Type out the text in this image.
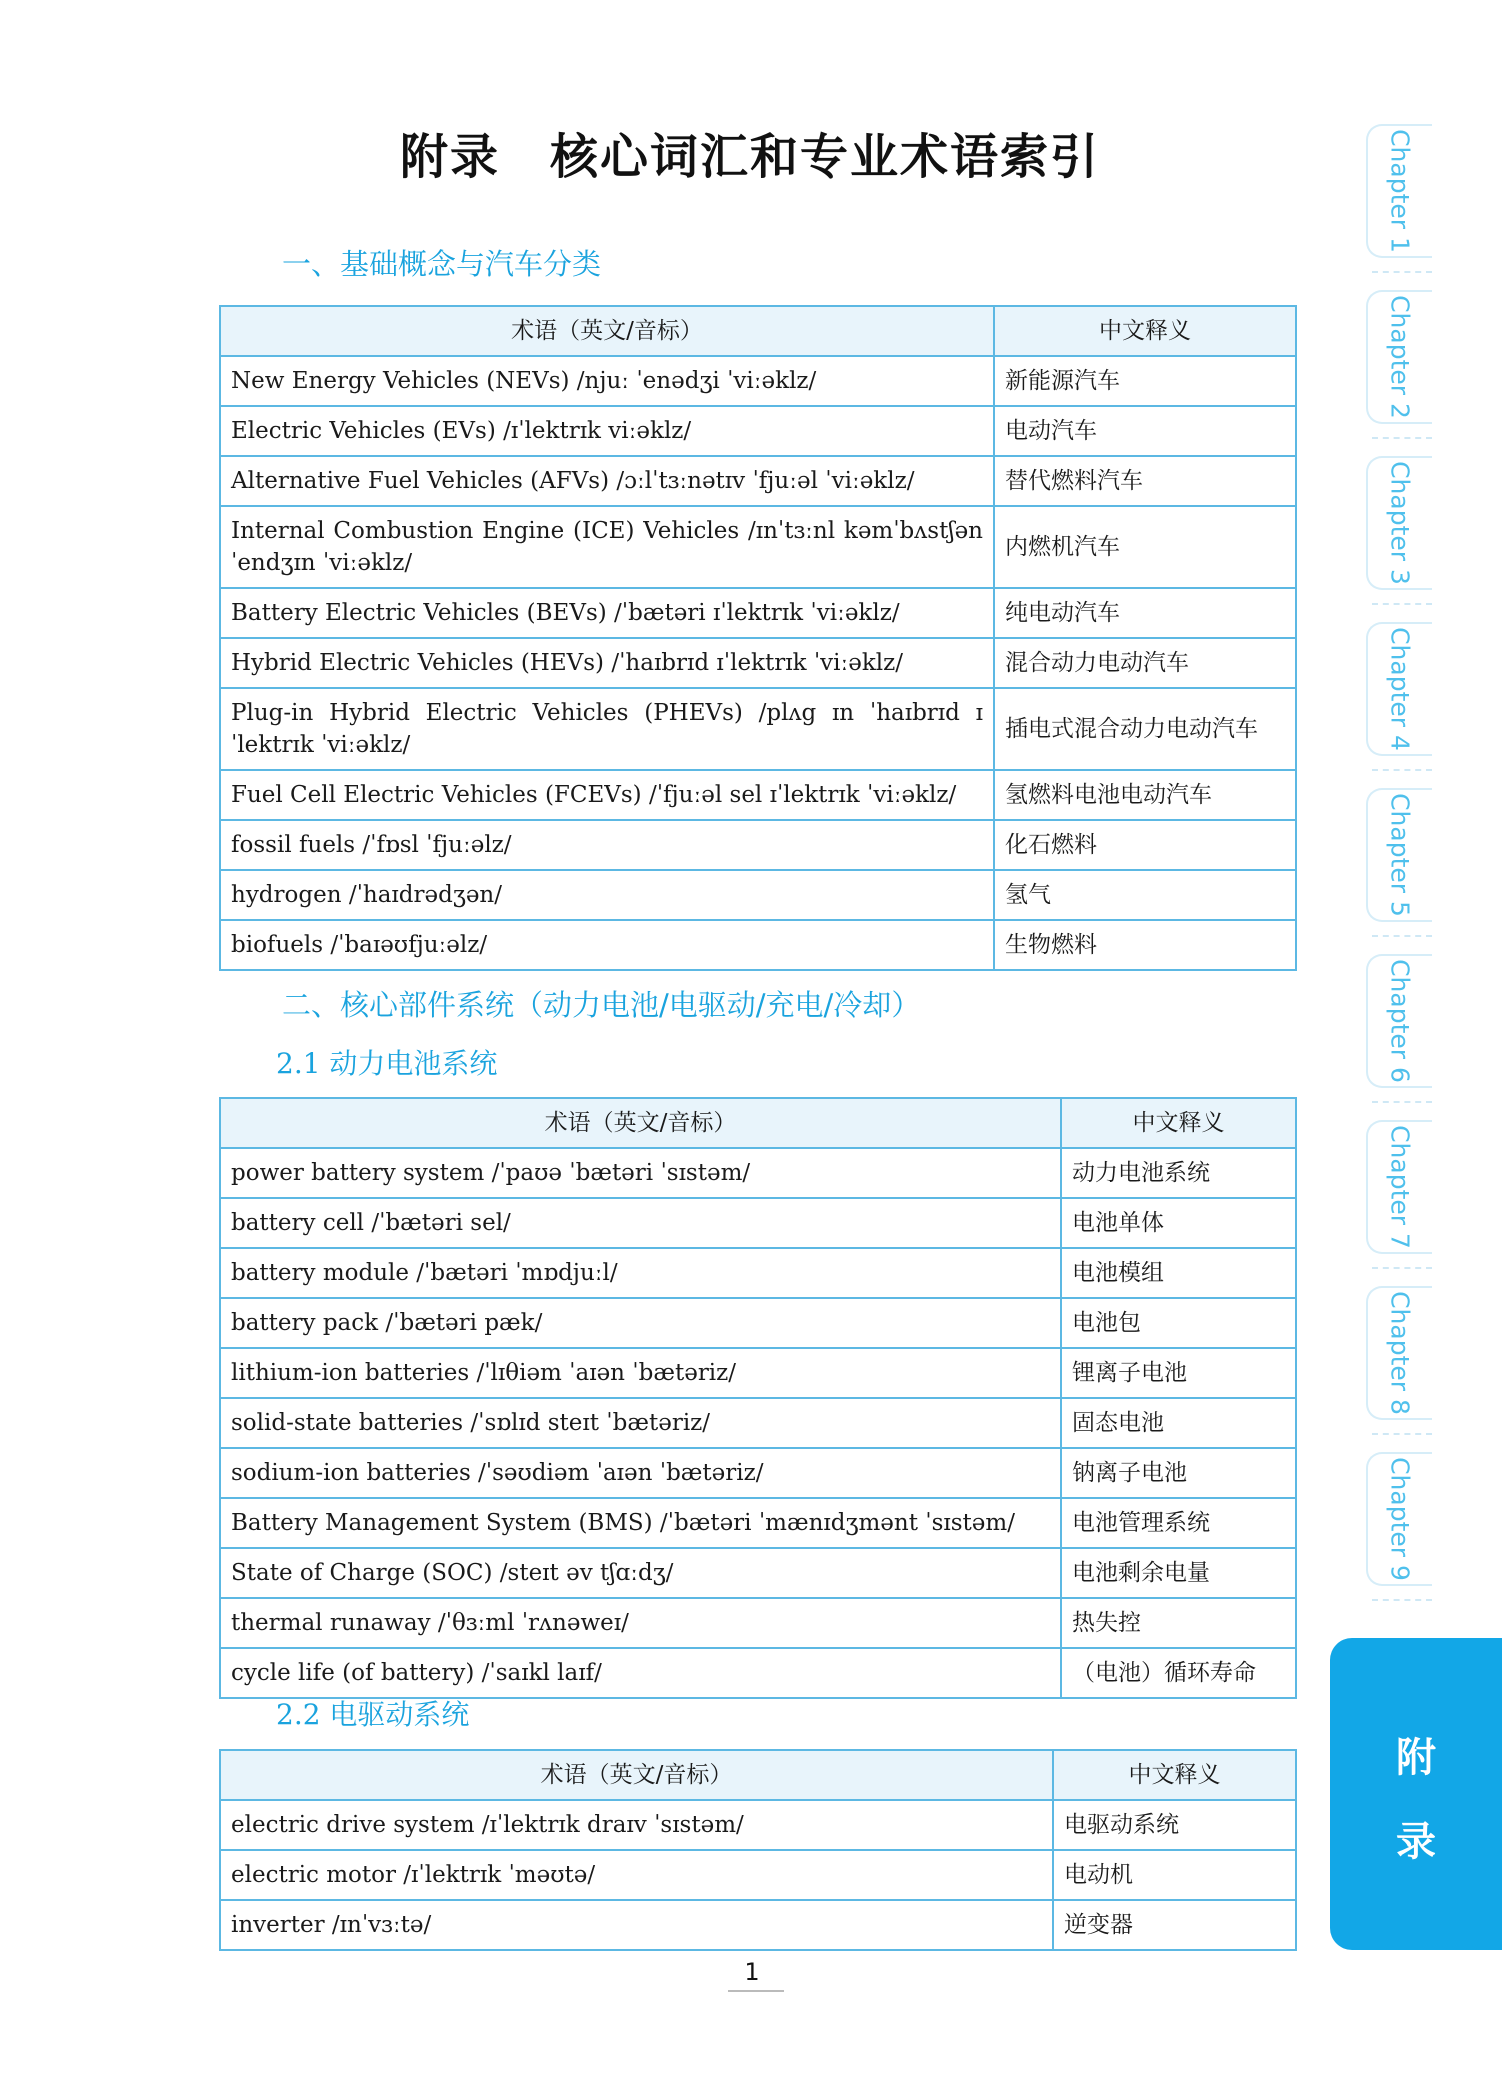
附录　核心词汇和专业术语索引
一、基础概念与汽车分类
术语（英文/音标）	中文释义
New Energy Vehicles (NEVs) /njuː ˈenədʒi ˈviːəklz/	新能源汽车
Electric Vehicles (EVs) /ɪˈlektrɪk viːəklz/	电动汽车
Alternative Fuel Vehicles (AFVs) /ɔːlˈtɜːnətɪv ˈfjuːəl ˈviːəklz/	替代燃料汽车
Internal Combustion Engine (ICE) Vehicles /ɪnˈtɜːnl kəmˈbʌstʃən ˈendʒɪn ˈviːəklz/	内燃机汽车
Battery Electric Vehicles (BEVs) /ˈbætəri ɪˈlektrɪk ˈviːəklz/	纯电动汽车
Hybrid Electric Vehicles (HEVs) /ˈhaɪbrɪd ɪˈlektrɪk ˈviːəklz/	混合动力电动汽车
Plug-in Hybrid Electric Vehicles (PHEVs) /plʌg ɪn ˈhaɪbrɪd ɪˈlektrɪk ˈviːəklz/	插电式混合动力电动汽车
Fuel Cell Electric Vehicles (FCEVs) /ˈfjuːəl sel ɪˈlektrɪk ˈviːəklz/	氢燃料电池电动汽车
fossil fuels /ˈfɒsl ˈfjuːəlz/	化石燃料
hydrogen /ˈhaɪdrədʒən/	氢气
biofuels /ˈbaɪəʊfjuːəlz/	生物燃料
二、核心部件系统（动力电池/电驱动/充电/冷却）
2.1 动力电池系统
术语（英文/音标）	中文释义
power battery system /ˈpaʊə ˈbætəri ˈsɪstəm/	动力电池系统
battery cell /ˈbætəri sel/	电池单体
battery module /ˈbætəri ˈmɒdjuːl/	电池模组
battery pack /ˈbætəri pæk/	电池包
lithium-ion batteries /ˈlɪθiəm ˈaɪən ˈbætəriz/	锂离子电池
solid-state batteries /ˈsɒlɪd steɪt ˈbætəriz/	固态电池
sodium-ion batteries /ˈsəʊdiəm ˈaɪən ˈbætəriz/	钠离子电池
Battery Management System (BMS) /ˈbætəri ˈmænɪdʒmənt ˈsɪstəm/	电池管理系统
State of Charge (SOC) /steɪt əv tʃɑːdʒ/	电池剩余电量
thermal runaway /ˈθɜːml ˈrʌnəweɪ/	热失控
cycle life (of battery) /ˈsaɪkl laɪf/	（电池）循环寿命
2.2 电驱动系统
术语（英文/音标）	中文释义
electric drive system /ɪˈlektrɪk draɪv ˈsɪstəm/	电驱动系统
electric motor /ɪˈlektrɪk ˈməʊtə/	电动机
inverter /ɪnˈvɜːtə/	逆变器
1
Chapter 1
Chapter 2
Chapter 3
Chapter 4
Chapter 5
Chapter 6
Chapter 7
Chapter 8
Chapter 9
附
录
